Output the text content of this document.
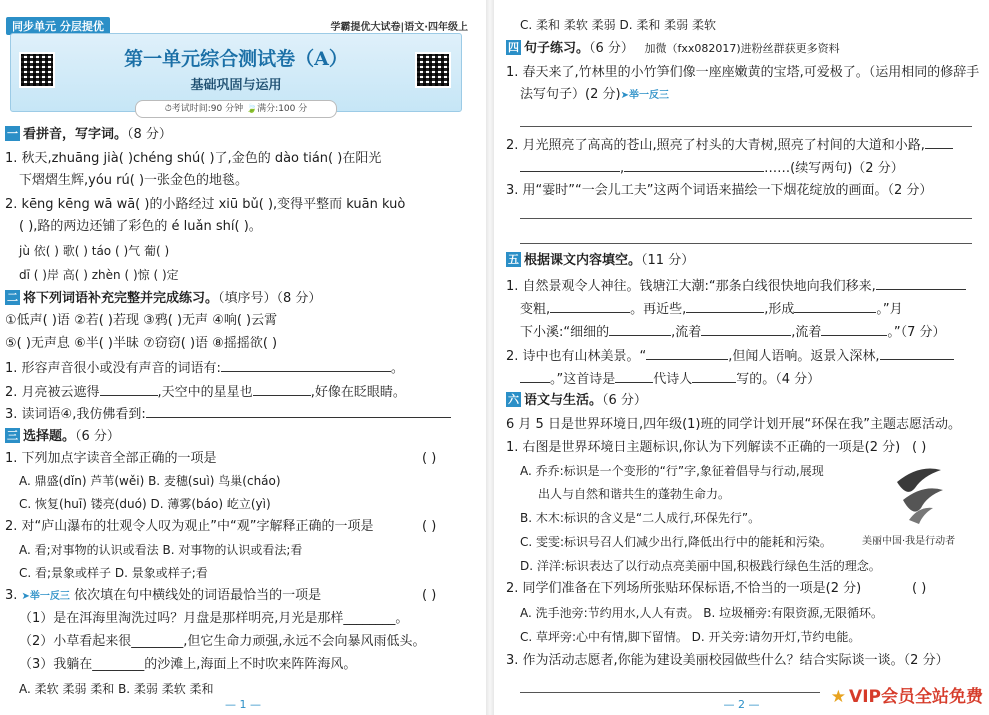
同步单元 分层提优	学霸提优大试卷|语文·四年级上
第一单元综合测试卷（A）
基础巩固与运用
⏱考试时间:90 分钟 🍃满分:100 分
一 看拼音，写字词。（8 分）
1. 秋天,zhuāng jià( )chéng shú( )了,金色的 dào tián( )在阳光
下熠熠生辉,yóu rú( )一张金色的地毯。
2. kēng kēng wā wā( )的小路经过 xiū bǔ( ),变得平整而 kuān kuò
( ),路的两边还铺了彩色的 é luǎn shí( )。
jù 依( ) 歌( ) táo ( )气 葡( )
dī ( )岸 高( ) zhèn ( )惊 ( )定
二 将下列词语补充完整并完成练习。（填序号）（8 分）
①低声( )语 ②若( )若现 ③鸦( )无声 ④响( )云霄
⑤( )无声息 ⑥半( )半昧 ⑦窃窃( )语 ⑧摇摇欲( )
1. 形容声音很小或没有声音的词语有:	。
2. 月亮被云遮得	,天空中的星星也	,好像在眨眼睛。
3. 读词语④,我仿佛看到:
三 选择题。（6 分）
1. 下列加点字读音全部正确的一项是	( )
A. 鼎盛(dǐn) 芦苇(wěi) B. 麦穗(suì) 鸟巢(cháo)
C. 恢复(huī) 镂亮(duó) D. 薄雾(báo) 屹立(yì)
2. 对“庐山瀑布的壮观令人叹为观止”中“观”字解释正确的一项是	( )
A. 看;对事物的认识或看法 B. 对事物的认识或看法;看
C. 看;景象或样子 D. 景象或样子;看
3. ➤举一反三 依次填在句中横线处的词语最恰当的一项是	( )
（1）是在洱海里淘洗过吗？月盘是那样明亮,月光是那样________。
（2）小草看起来很________,但它生命力顽强,永远不会向暴风雨低头。
（3）我躺在________的沙滩上,海面上不时吹来阵阵海风。
A. 柔软 柔弱 柔和 B. 柔弱 柔软 柔和
— 1 —
C. 柔和 柔软 柔弱 D. 柔和 柔弱 柔软
四 句子练习。（6 分） 加微（fxx082017)进粉丝群获更多资料
1. 春天来了,竹林里的小竹笋们像一座座嫩黄的宝塔,可爱极了。（运用相同的修辞手
法写句子）(2 分)➤举一反三
2. 月光照亮了高高的苍山,照亮了村头的大青树,照亮了村间的大道和小路,
,	……(续写两句)（2 分）
3. 用“霎时”“一会儿工夫”这两个词语来描绘一下烟花绽放的画面。（2 分）
五 根据课文内容填空。（11 分）
1. 自然景观令人神往。钱塘江大潮:“那条白线很快地向我们移来,
变粗,	。再近些,	,形成	。”月
下小溪:“细细的	,流着	,流着	。”（7 分）
2. 诗中也有山林美景。“	,但闻人语响。返景入深林,
。”这首诗是	代诗人	写的。（4 分）
六 语文与生活。（6 分）
6 月 5 日是世界环境日,四年级(1)班的同学计划开展“环保在我”主题志愿活动。
1. 右图是世界环境日主题标识,你认为下列解读不正确的一项是(2 分) ( )
A. 乔乔:标识是一个变形的“行”字,象征着倡导与行动,展现
出人与自然和谐共生的蓬勃生命力。
B. 木木:标识的含义是“二人成行,环保先行”。
C. 雯雯:标识号召人们减少出行,降低出行中的能耗和污染。
D. 洋洋:标识表达了以行动点亮美丽中国,积极践行绿色生活的理念。
美丽中国·我是行动者
2. 同学们准备在下列场所张贴环保标语,不恰当的一项是(2 分)	( )
A. 洗手池旁:节约用水,人人有责。 B. 垃圾桶旁:有限资源,无限循环。
C. 草坪旁:心中有情,脚下留情。 D. 开关旁:请勿开灯,节约电能。
3. 作为活动志愿者,你能为建设美丽校园做些什么？结合实际谈一谈。（2 分）
— 2 —	★ VIP会员全站免费
